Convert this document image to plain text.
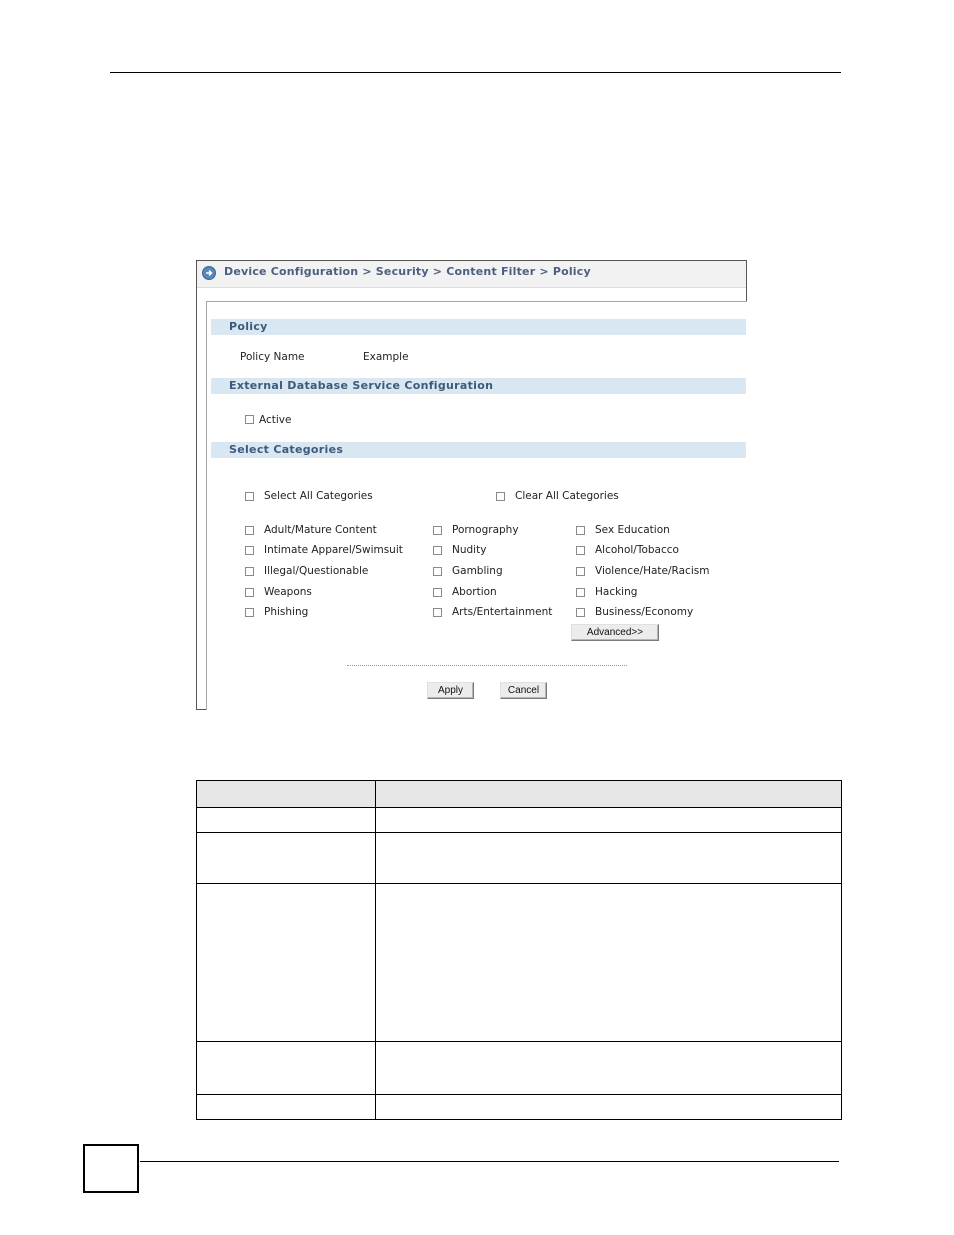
Device Configuration > Security > Content Filter > Policy
Policy
Policy Name	Example
External Database Service Configuration
Active
Select Categories
Select All Categories	Clear All Categories
Adult/Mature Content
Intimate Apparel/Swimsuit
Illegal/Questionable
Weapons
Phishing
Pornography
Nudity
Gambling
Abortion
Arts/Entertainment
Sex Education
Alcohol/Tobacco
Violence/Hate/Racism
Hacking
Business/Economy
Advanced>>
Apply	Cancel
